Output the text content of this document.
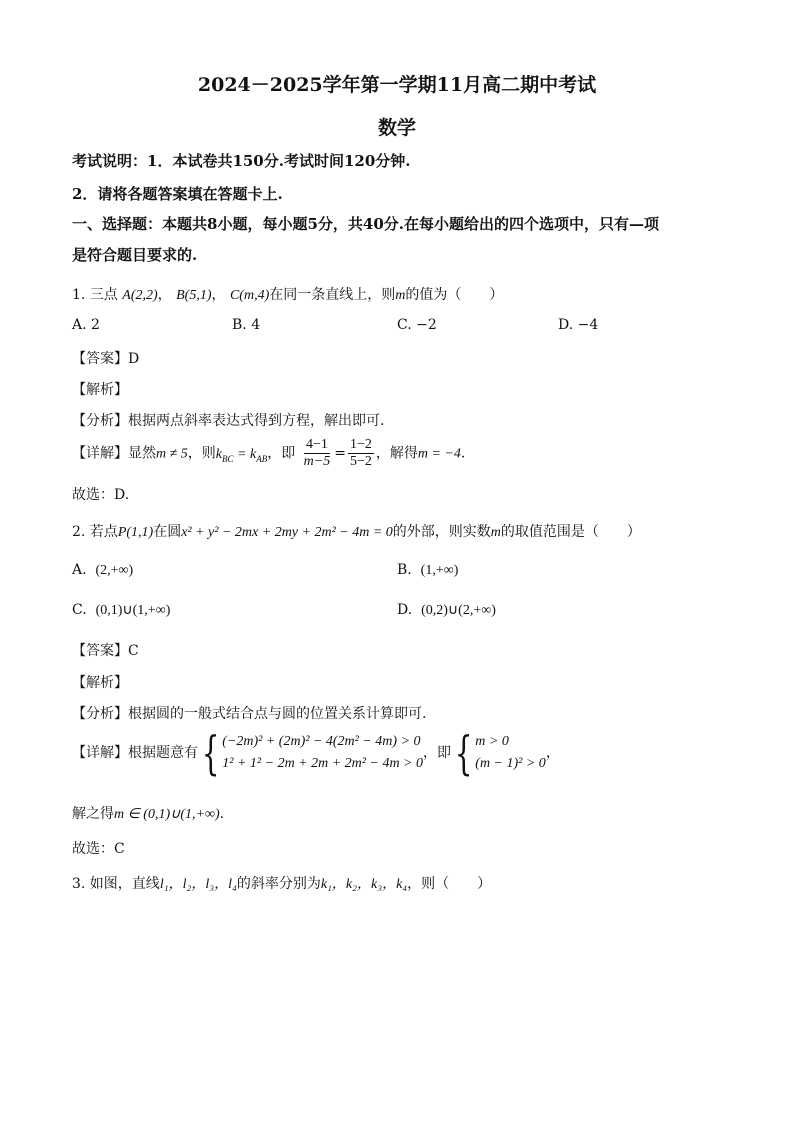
2024－2025学年第一学期11月高二期中考试
数学
考试说明：1．本试卷共150分.考试时间120分钟.
2．请将各题答案填在答题卡上.
一、选择题：本题共8小题，每小题5分，共40分.在每小题给出的四个选项中，只有—项
是符合题目要求的.
1. 三点 A(2,2)， B(5,1)， C(m,4)在同一条直线上，则m的值为（　　）
A. 2	B. 4	C. −2	D. −4
【答案】D
【解析】
【分析】根据两点斜率表达式得到方程，解出即可.
【详解】显然m ≠ 5，则$k_{BC} = k_{AB}$，即 $\frac{4-1}{m-5} = \frac{1-2}{5-2}$ ，解得m = −4.
故选：D.
2. 若点P(1,1)在圆x² + y² − 2mx + 2my + 2m² − 4m = 0的外部，则实数m的取值范围是（　　）
A. (2,+∞)	B. (1,+∞)
C. (0,1)∪(1,+∞)	D. (0,2)∪(2,+∞)
【答案】C
【解析】
【分析】根据圆的一般式结合点与圆的位置关系计算即可.
【详解】根据题意有{ (−2m)² + (2m)² − 4(2m² − 4m) > 0
1² + 1² − 2m + 2m + 2m² − 4m > 0
，即{ m > 0
(m − 1)² > 0
，
解之得m ∈ (0,1)∪(1,+∞).
故选：C
3. 如图，直线l₁，l₂，l₃，l₄的斜率分别为k₁，k₂，k₃，k₄，则（　　）
